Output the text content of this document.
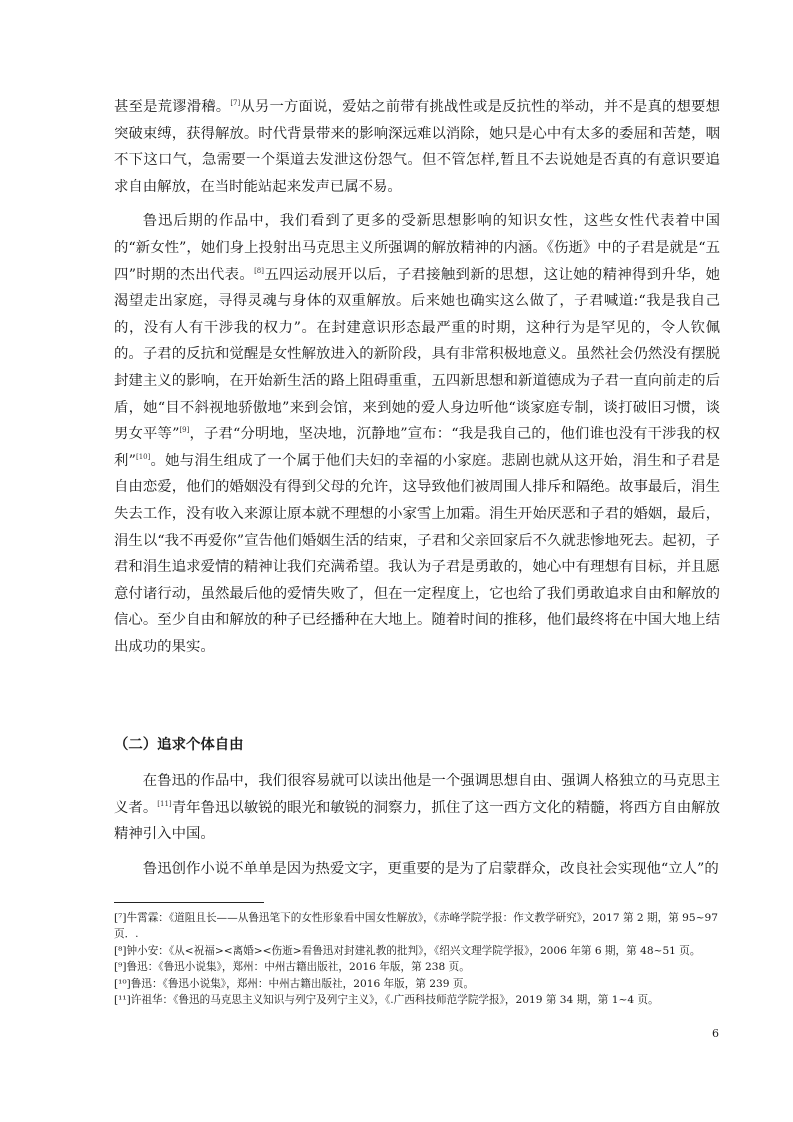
甚至是荒谬滑稽。[7]从另一方面说，爱姑之前带有挑战性或是反抗性的举动，并不是真的想要想突破束缚，获得解放。时代背景带来的影响深远难以消除，她只是心中有太多的委屈和苦楚，咽不下这口气，急需要一个渠道去发泄这份怨气。但不管怎样,暂且不去说她是否真的有意识要追求自由解放，在当时能站起来发声已属不易。

鲁迅后期的作品中，我们看到了更多的受新思想影响的知识女性，这些女性代表着中国的“新女性”，她们身上投射出马克思主义所强调的解放精神的内涵。《伤逝》中的子君是就是“五四”时期的杰出代表。[8]五四运动展开以后，子君接触到新的思想，这让她的精神得到升华，她渴望走出家庭，寻得灵魂与身体的双重解放。后来她也确实这么做了，子君喊道:“我是我自己的，没有人有干涉我的权力”。在封建意识形态最严重的时期，这种行为是罕见的，令人钦佩的。子君的反抗和觉醒是女性解放进入的新阶段，具有非常积极地意义。虽然社会仍然没有摆脱封建主义的影响，在开始新生活的路上阻碍重重，五四新思想和新道德成为子君一直向前走的后盾，她“目不斜视地骄傲地”来到会馆，来到她的爱人身边听他“谈家庭专制，谈打破旧习惯，谈男女平等”[9]，子君“分明地，坚决地，沉静地”宣布：“我是我自己的，他们谁也没有干涉我的权利”[10]。她与涓生组成了一个属于他们夫妇的幸福的小家庭。悲剧也就从这开始，涓生和子君是自由恋爱，他们的婚姻没有得到父母的允许，这导致他们被周围人排斥和隔绝。故事最后，涓生失去工作，没有收入来源让原本就不理想的小家雪上加霜。涓生开始厌恶和子君的婚姻，最后，涓生以“我不再爱你”宣告他们婚姻生活的结束，子君和父亲回家后不久就悲惨地死去。起初，子君和涓生追求爱情的精神让我们充满希望。我认为子君是勇敢的，她心中有理想有目标，并且愿意付诸行动，虽然最后他的爱情失败了，但在一定程度上，它也给了我们勇敢追求自由和解放的信心。至少自由和解放的种子已经播种在大地上。随着时间的推移，他们最终将在中国大地上结出成功的果实。

（二）追求个体自由

在鲁迅的作品中，我们很容易就可以读出他是一个强调思想自由、强调人格独立的马克思主义者。[11]青年鲁迅以敏锐的眼光和敏锐的洞察力，抓住了这一西方文化的精髓，将西方自由解放精神引入中国。

鲁迅创作小说不单单是因为热爱文字，更重要的是为了启蒙群众，改良社会实现他“立人”的

[⁷]牛霄霖：《道阻且长——从鲁迅笔下的女性形象看中国女性解放》，《赤峰学院学报：作文教学研究》，2017 第 2 期，第 95~97 页．.

[⁸]钟小安：《从<祝福><离婚><伤逝>看鲁迅对封建礼教的批判》，《绍兴文理学院学报》，2006 年第 6 期，第 48~51 页。

[⁹]鲁迅：《鲁迅小说集》，郑州：中州古籍出版社，2016 年版，第 238 页。

[¹⁰]鲁迅：《鲁迅小说集》，郑州：中州古籍出版社，2016 年版，第 239 页。

[¹¹]许祖华：《鲁迅的马克思主义知识与列宁及列宁主义》，《.广西科技师范学院学报》，2019 第 34 期，第 1~4 页。

6
